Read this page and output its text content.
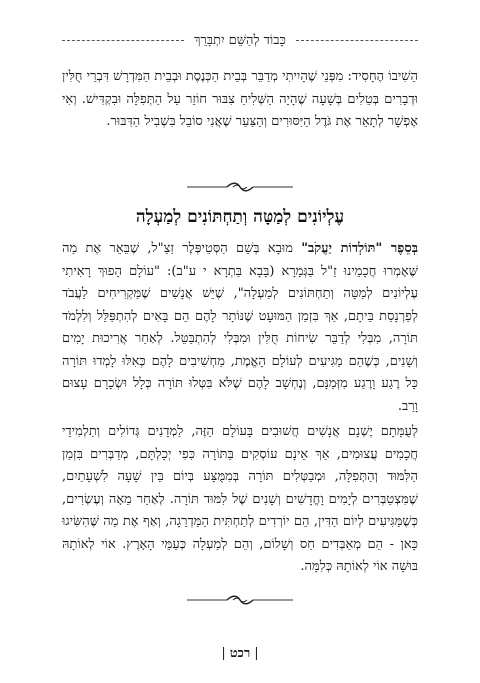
כָּבוֹד לְהַשֵּׁם יִתְבָּרֵךְ

הֵשִׁיבוֹ הֶחָסִיד: מִפְּנֵי שֶׁהָיִיתִי מְדַבֵּר בְּבֵית הַכְּנֶסֶת וּבְבֵית הַמִּדְרָשׁ דִּבְרֵי חֻלִּין וּדְבָרִים בְּטֵלִים בְּשָׁעָה שֶׁהָיָה הַשְּׁלִיחַ צִבּוּר חוֹזֵר עַל הַתְּפִלָּה וּבִקְדִּישׁ. וְאִי אֶפְשָׁר לְתָאֵר אֶת גֹּדֶל הַיִּסּוּרִים וְהַצַּעַר שֶׁאֲנִי סוֹבֵל בִּשְׁבִיל הַדִּבּוּר.

עֶלְיוֹנִים לְמַטָּה וְתַחְתּוֹנִים לְמַעְלָה

בְּסֵפֶר "תּוֹלְדוֹת יַעֲקֹב" מוּבָא בְּשֵׁם הַסְּטֵיפְּלֶר זַצַ"ל, שֶׁבֵּאֵר אֶת מַה שֶּׁאָמְרוּ חֲכָמֵינוּ זַ"ל בַּגְּמָרָא (בָּבָא בַּתְרָא י ע"ב): "עוֹלָם הָפוּךְ רָאִיתִי עֶלְיוֹנִים לְמַטָּה וְתַחְתּוֹנִים לְמַעְלָה", שֶׁיֵּשׁ אֲנָשִׁים שֶׁמַּקְרִיחִים לַעֲבֹד לְפַרְנָסַת בֵּיתָם, אַךְ בִּזְמַן הַמּוּעָט שֶׁנּוֹתָר לָהֶם הֵם בָּאִים לְהִתְפַּלֵּל וְלִלְמֹד תּוֹרָה, מִבְּלִי לְדַבֵּר שִׂיחוֹת חֻלִּין וּמִבְּלִי לְהִתְבַּטֵּל. לְאַחַר אֲרִיכוּת יָמִים וְשָׁנִים, כְּשֶׁהֵם מַגִּיעִים לְעוֹלָם הָאֱמֶת, מַחְשִׁיבִים לָהֶם כְּאִלּוּ לָמְדוּ תּוֹרָה כָּל רֶגַע וָרֶגַע מִזְּמַנָּם, וְנֶחְשָׁב לָהֶם שֶׁלֹּא בִּטְּלוּ תּוֹרָה כְּלָל וּשְׂכָרָם עָצוּם וָרַב.

לְעֻמָּתָם יֶשְׁנָם אֲנָשִׁים חֲשׁוּבִים בָּעוֹלָם הַזֶּה, לַמְדָנִים גְּדוֹלִים וְתַלְמִידֵי חֲכָמִים עֲצוּמִים, אַךְ אֵינָם עוֹסְקִים בַּתּוֹרָה כִּפִי יְכָלְתָּם, מְדַבְּרִים בִּזְמַן הַלִּמּוּד וְהַתְּפִלָּה, וּמְבַטְּלִים תּוֹרָה בְּמִמֻּצָּע בְּיוֹם בֵּין שָׁעָה לִשְׁעָתַיִם, שֶׁמִּצְטַבְּרִים לְיָמִים וָחֳדָשִׁים וְשָׁנִים שֶׁל לִמּוּד תּוֹרָה. לְאַחַר מֵאָה וְעֶשְׂרִים, כְּשֶׁמַּגִּיעִים לְיוֹם הַדִּין, הֵם יוֹרְדִים לְתַחְתִּית הַמַּדְרֵגָה, וְאַף אֶת מַה שֶּׁהִשִּׂיגוּ כָּאן - הֵם מְאַבְּדִים חַס וְשָׁלוֹם, וְהֵם לְמַעְלָה כְּעַמֵּי הָאָרֶץ. אוֹי לְאוֹתָהּ בּוּשָׁה אוֹי לְאוֹתָהּ כְּלִמָּה.

|רכט|
